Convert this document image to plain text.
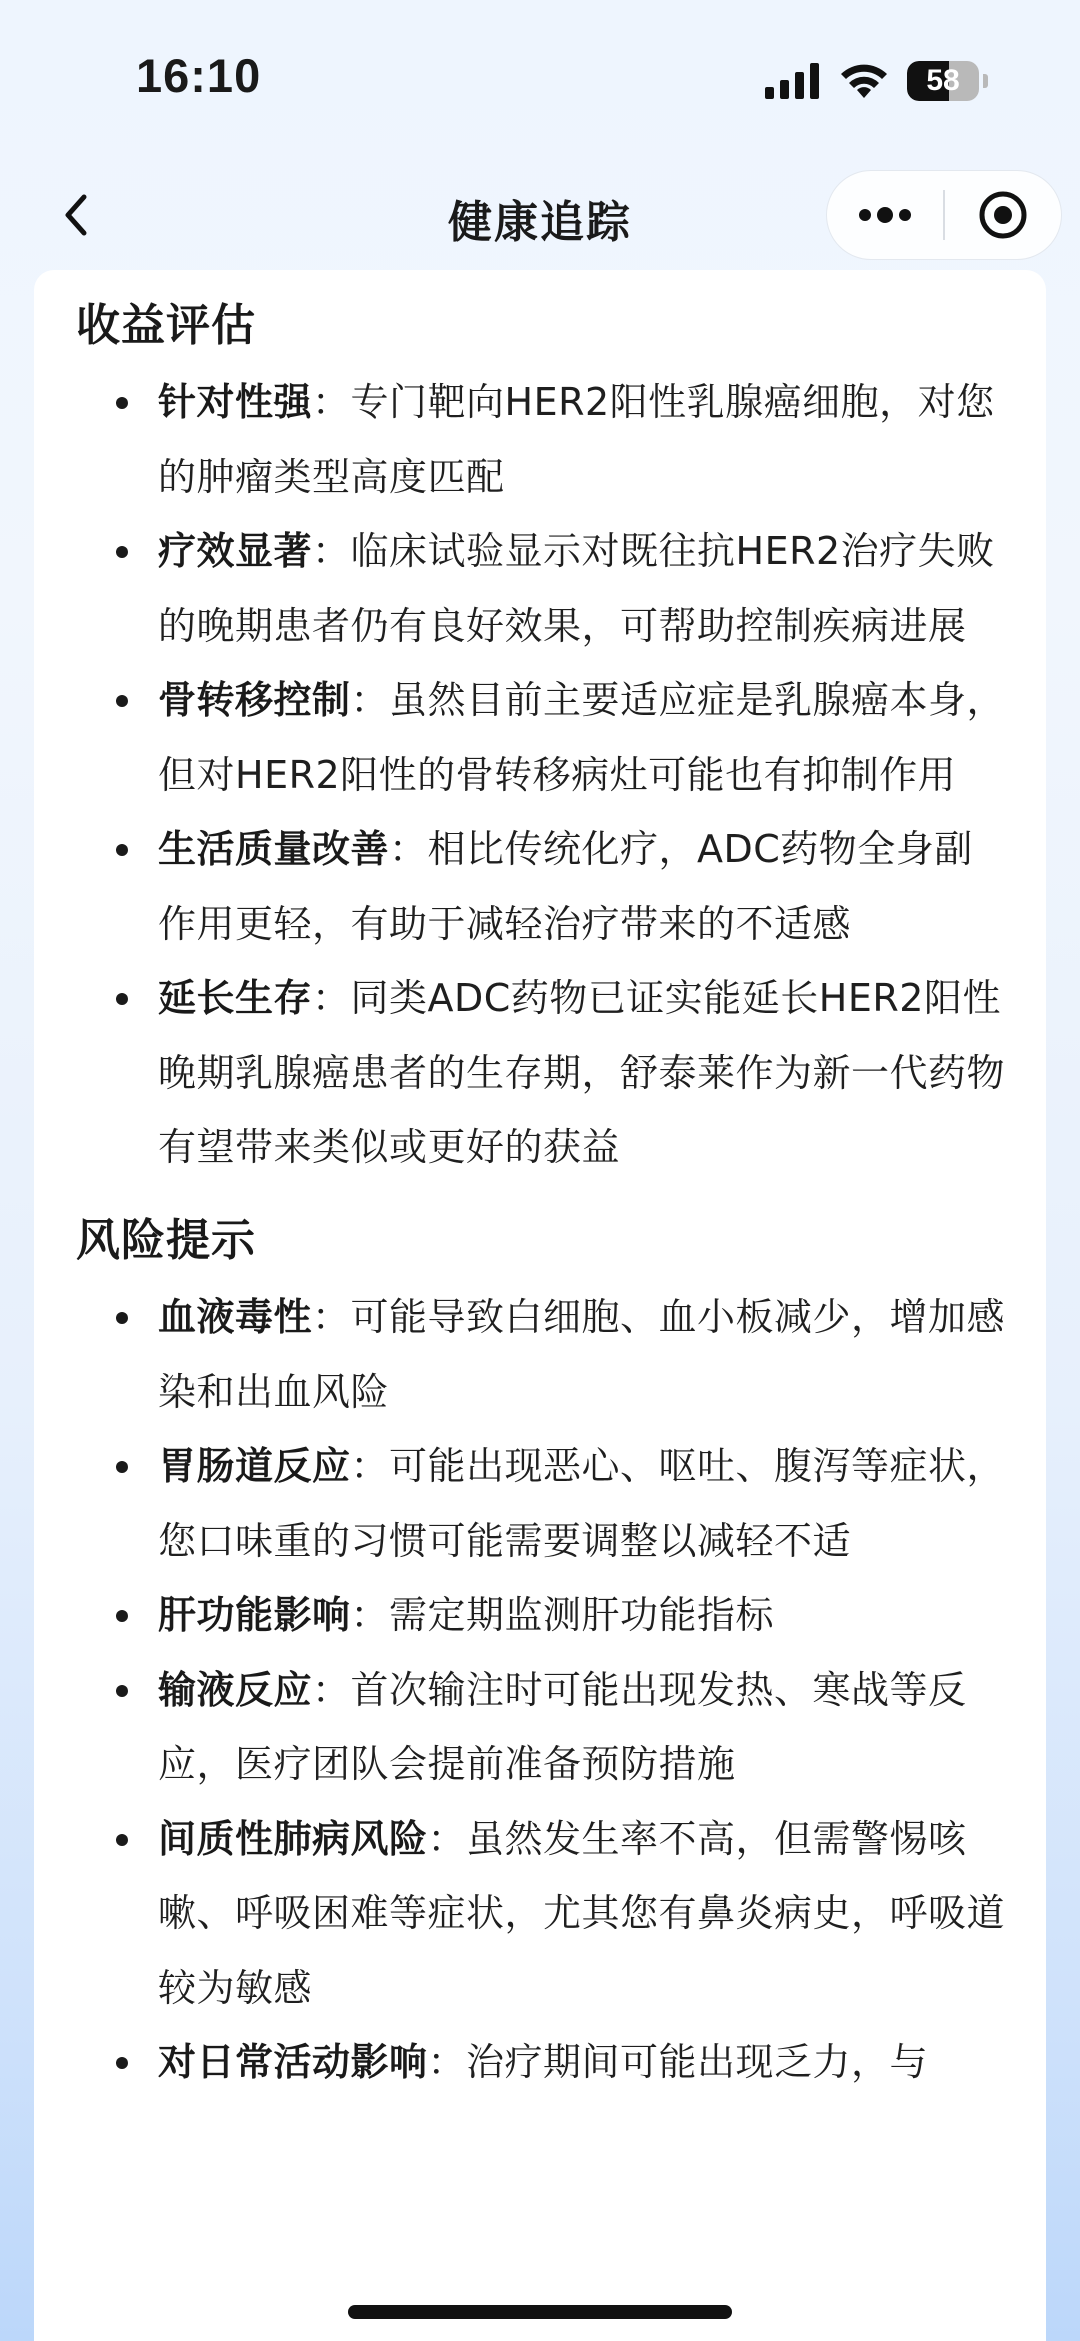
16:10	58
健康追踪
收益评估
针对性强：专门靶向HER2阳性乳腺癌细胞，对您的肿瘤类型高度匹配
疗效显著：临床试验显示对既往抗HER2治疗失败的晚期患者仍有良好效果，可帮助控制疾病进展
骨转移控制：虽然目前主要适应症是乳腺癌本身，但对HER2阳性的骨转移病灶可能也有抑制作用
生活质量改善：相比传统化疗，ADC药物全身副作用更轻，有助于减轻治疗带来的不适感
延长生存：同类ADC药物已证实能延长HER2阳性晚期乳腺癌患者的生存期，舒泰莱作为新一代药物有望带来类似或更好的获益
风险提示
血液毒性：可能导致白细胞、血小板减少，增加感染和出血风险
胃肠道反应：可能出现恶心、呕吐、腹泻等症状，您口味重的习惯可能需要调整以减轻不适
肝功能影响：需定期监测肝功能指标
输液反应：首次输注时可能出现发热、寒战等反应，医疗团队会提前准备预防措施
间质性肺病风险：虽然发生率不高，但需警惕咳嗽、呼吸困难等症状，尤其您有鼻炎病史，呼吸道较为敏感
对日常活动影响：治疗期间可能出现乏力，与
